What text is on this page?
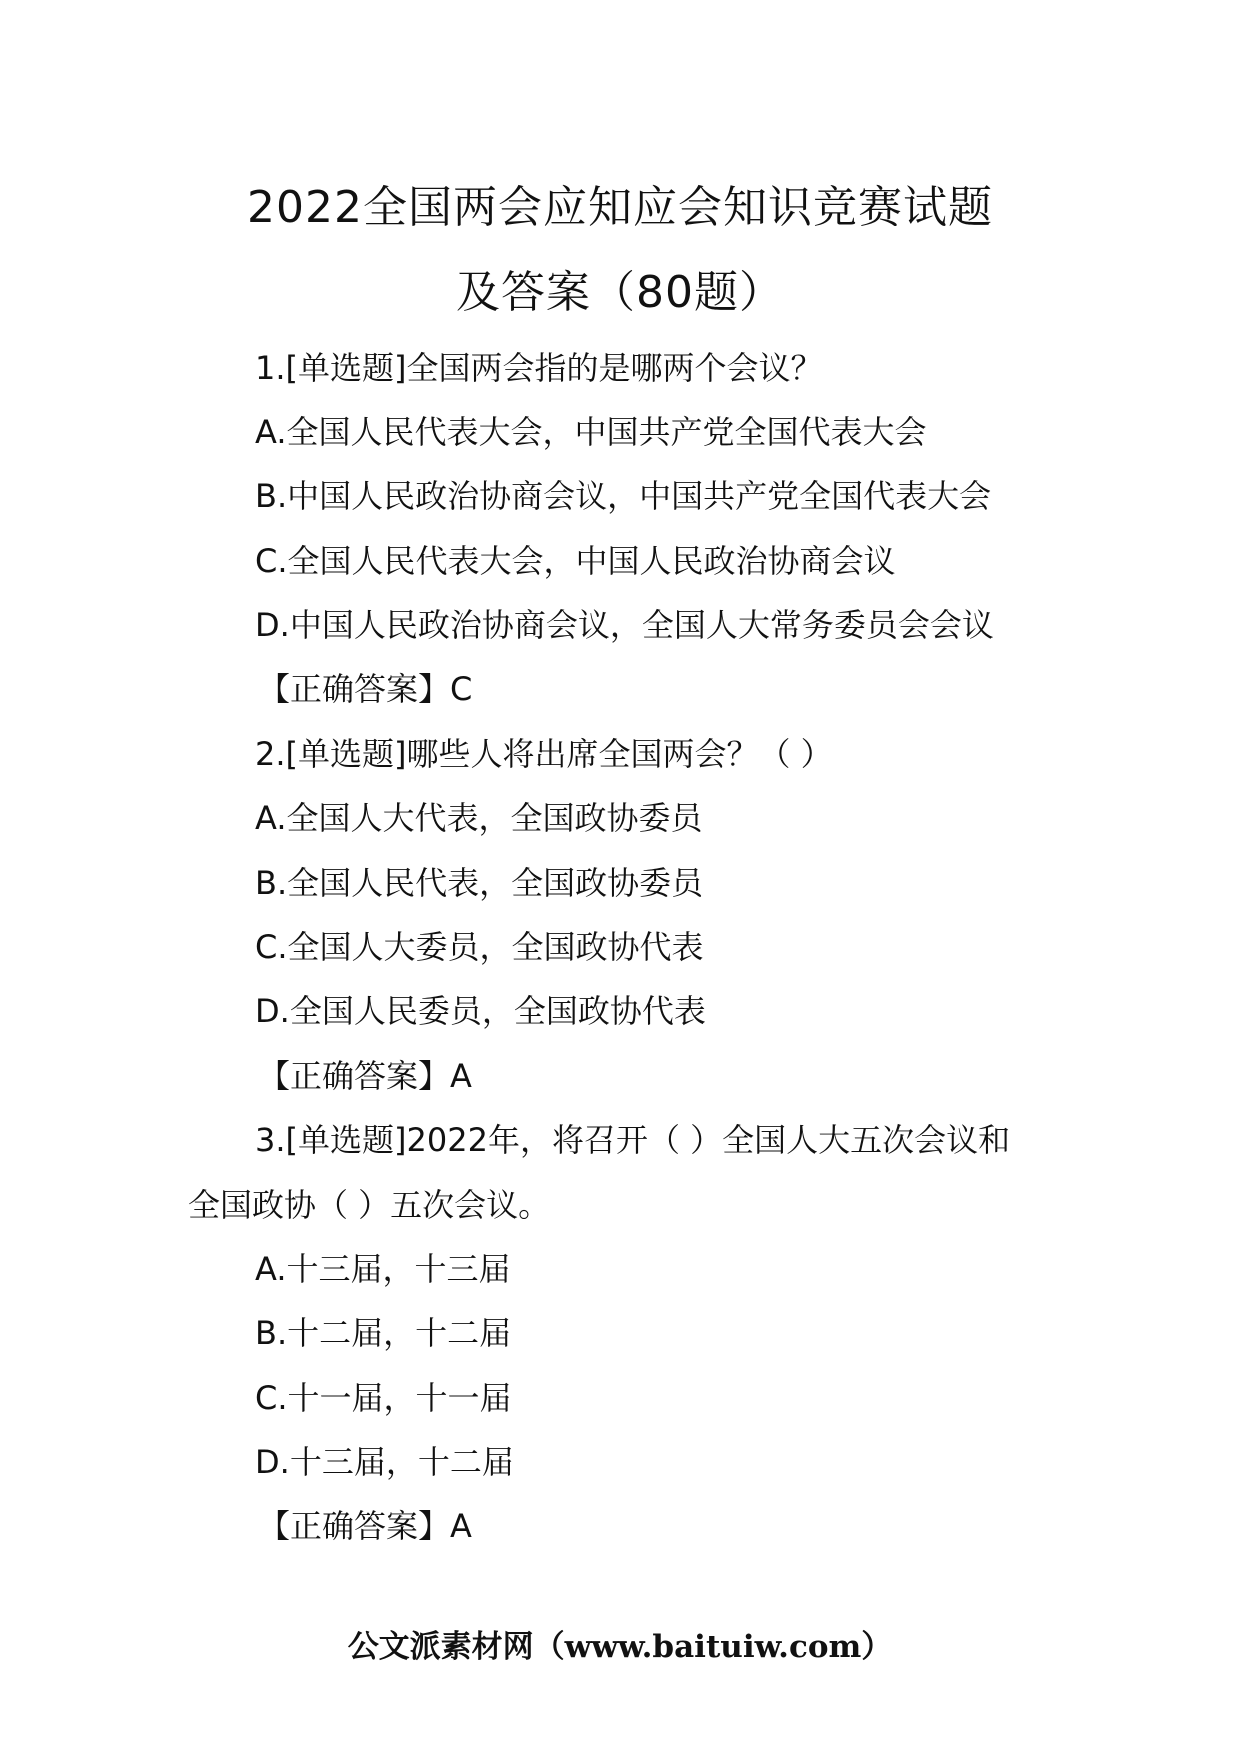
2022全国两会应知应会知识竞赛试题
及答案（80题）
1.[单选题]全国两会指的是哪两个会议？
A.全国人民代表大会，中国共产党全国代表大会
B.中国人民政治协商会议，中国共产党全国代表大会
C.全国人民代表大会，中国人民政治协商会议
D.中国人民政治协商会议，全国人大常务委员会会议
【正确答案】C
2.[单选题]哪些人将出席全国两会？（ ）
A.全国人大代表，全国政协委员
B.全国人民代表，全国政协委员
C.全国人大委员，全国政协代表
D.全国人民委员，全国政协代表
【正确答案】A
3.[单选题]2022年，将召开（ ）全国人大五次会议和
全国政协（ ）五次会议。
A.十三届，十三届
B.十二届，十二届
C.十一届，十一届
D.十三届，十二届
【正确答案】A
公文派素材网（www.baituiw.com）
